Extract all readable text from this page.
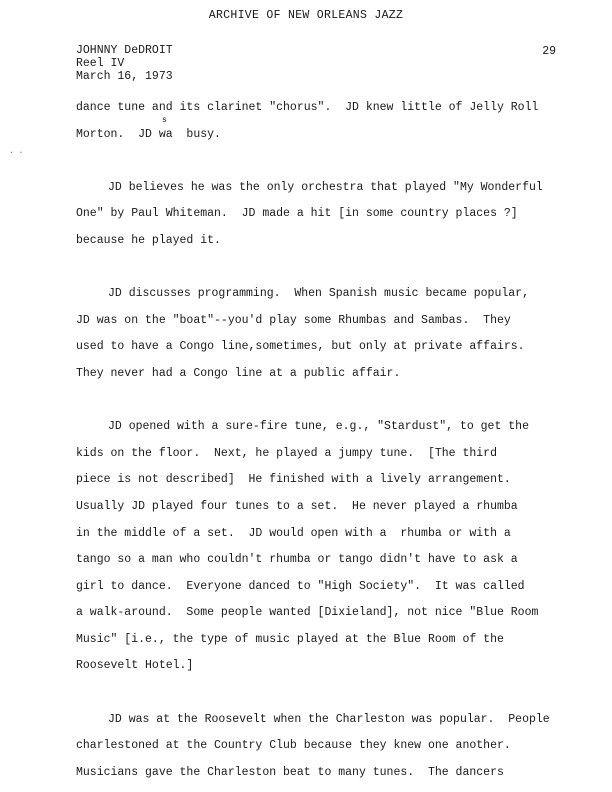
ARCHIVE OF NEW ORLEANS JAZZ
JOHNNY DeDROIT
Reel IV
March 16, 1973
29
s
. .
dance tune and its clarinet "chorus".  JD knew little of Jelly Roll
Morton.  JD wa  busy.
JD believes he was the only orchestra that played "My Wonderful
One" by Paul Whiteman.  JD made a hit [in some country places ?]
because he played it.
JD discusses programming.  When Spanish music became popular,
JD was on the "boat"--you'd play some Rhumbas and Sambas.  They
used to have a Congo line,sometimes, but only at private affairs.
They never had a Congo line at a public affair.
JD opened with a sure-fire tune, e.g., "Stardust", to get the
kids on the floor.  Next, he played a jumpy tune.  [The third
piece is not described]  He finished with a lively arrangement.
Usually JD played four tunes to a set.  He never played a rhumba
in the middle of a set.  JD would open with a  rhumba or with a
tango so a man who couldn't rhumba or tango didn't have to ask a
girl to dance.  Everyone danced to "High Society".  It was called
a walk-around.  Some people wanted [Dixieland], not nice "Blue Room
Music" [i.e., the type of music played at the Blue Room of the
Roosevelt Hotel.]
JD was at the Roosevelt when the Charleston was popular.  People
charlestoned at the Country Club because they knew one another.
Musicians gave the Charleston beat to many tunes.  The dancers
